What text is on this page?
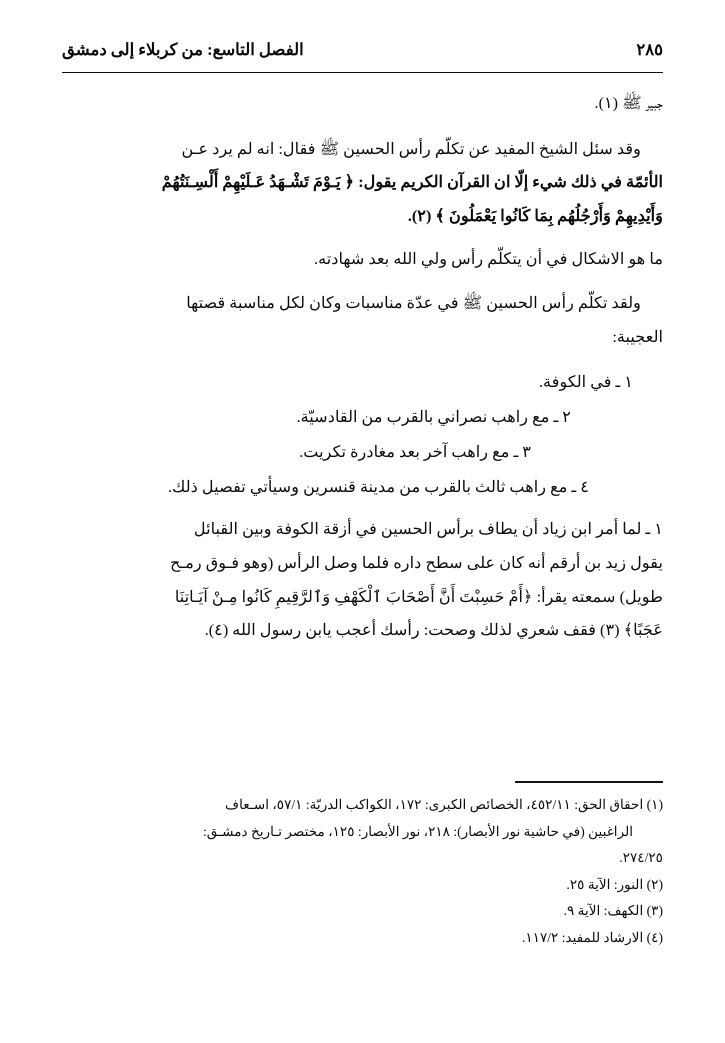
الفصل التاسع: من كربلاء إلى دمشق	٢٨٥

جبير ﷺ (١).

وقد سئل الشيخ المفيد عن تكلّم رأس الحسين ﷺ فقال: انه لم يرد عـن

الأئمّة في ذلك شيء إلّا ان القرآن الكريم يقول: ﴿ يَـوْمَ تَشْـهَدُ عَـلَيْهِمْ أَلْسِـنَتُهُمْ

وَأَيْدِيهِمْ وَأَرْجُلُهُم بِمَا كَانُوا يَعْمَلُونَ ﴾ (٢).

ما هو الاشكال في أن يتكلّم رأس ولي الله بعد شهادته.

ولقد تكلّم رأس الحسين ﷺ في عدّة مناسبات وكان لكل مناسبة قصتها

العجيبة:

١ ـ في الكوفة.

٢ ـ مع راهب نصراني بالقرب من القادسيّة.

٣ ـ مع راهب آخر بعد مغادرة تكريت.

٤ ـ مع راهب ثالث بالقرب من مدينة قنسرين وسيأتي تفصيل ذلك.

١ ـ لما أمر ابن زياد أن يطاف برأس الحسين في أزقة الكوفة وبين القبائل

يقول زيد بن أرقم أنه كان على سطح داره فلما وصل الرأس (وهو فـوق رمـح

طويل) سمعته يقرأ: ﴿أَمْ حَسِبْتَ أَنَّ أَصْحَابَ ٱلْكَهْفِ وَٱلرَّقِيمِ كَانُوا مِـنْ آيَـاتِنَا

عَجَبًا﴾ (٣) فقف شعري لذلك وصحت: رأسك أعجب يابن رسول الله (٤).

(١) احقاق الحق: ٤٥٢/١١، الخصائص الكبرى: ١٧٢، الكواكب الدريّة: ٥٧/١، اسـعاف

الراغبين (في حاشية نور الأبصار): ٢١٨، نور الأبصار: ١٢٥، مختصر تـاريخ دمشـق:

٢٧٤/٢٥.

(٢) النور: الآية ٢٥.

(٣) الكهف: الآية ٩.

(٤) الارشاد للمفيد: ١١٧/٢.
